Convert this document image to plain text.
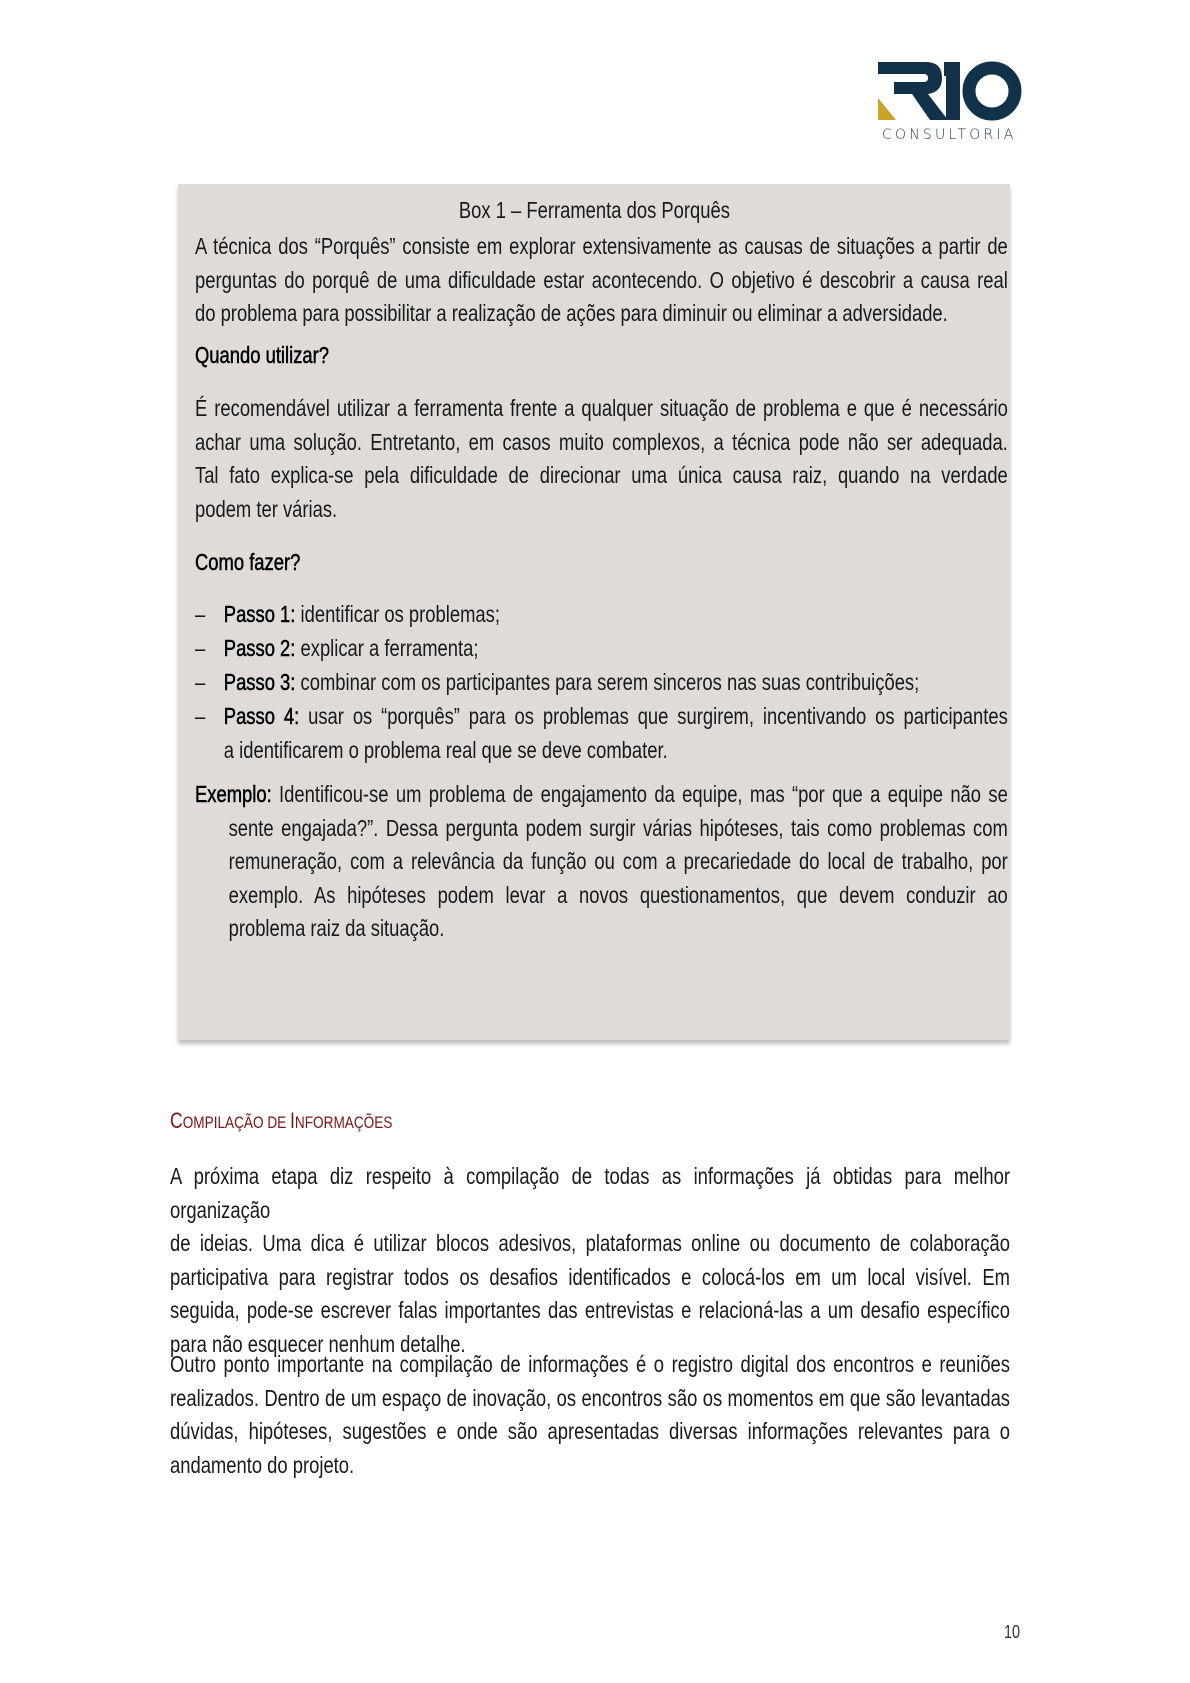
CONSULTORIA
Box 1 – Ferramenta dos Porquês
A técnica dos “Porquês” consiste em explorar extensivamente as causas de situações a partir de
perguntas do porquê de uma dificuldade estar acontecendo. O objetivo é descobrir a causa real
do problema para possibilitar a realização de ações para diminuir ou eliminar a adversidade.
Quando utilizar?
É recomendável utilizar a ferramenta frente a qualquer situação de problema e que é necessário
achar uma solução. Entretanto, em casos muito complexos, a técnica pode não ser adequada.
Tal fato explica-se pela dificuldade de direcionar uma única causa raiz, quando na verdade
podem ter várias.
Como fazer?
– Passo 1: identificar os problemas;
– Passo 2: explicar a ferramenta;
– Passo 3: combinar com os participantes para serem sinceros nas suas contribuições;
– Passo 4: usar os “porquês” para os problemas que surgirem, incentivando os participantes
a identificarem o problema real que se deve combater.
Exemplo: Identificou-se um problema de engajamento da equipe, mas “por que a equipe não se
sente engajada?”. Dessa pergunta podem surgir várias hipóteses, tais como problemas com
remuneração, com a relevância da função ou com a precariedade do local de trabalho, por
exemplo. As hipóteses podem levar a novos questionamentos, que devem conduzir ao
problema raiz da situação.
COMPILAÇÃO DE INFORMAÇÕES
A próxima etapa diz respeito à compilação de todas as informações já obtidas para melhor organização
de ideias. Uma dica é utilizar blocos adesivos, plataformas online ou documento de colaboração
participativa para registrar todos os desafios identificados e colocá-los em um local visível. Em
seguida, pode-se escrever falas importantes das entrevistas e relacioná-las a um desafio específico
para não esquecer nenhum detalhe.
Outro ponto importante na compilação de informações é o registro digital dos encontros e reuniões
realizados. Dentro de um espaço de inovação, os encontros são os momentos em que são levantadas
dúvidas, hipóteses, sugestões e onde são apresentadas diversas informações relevantes para o
andamento do projeto.
10
